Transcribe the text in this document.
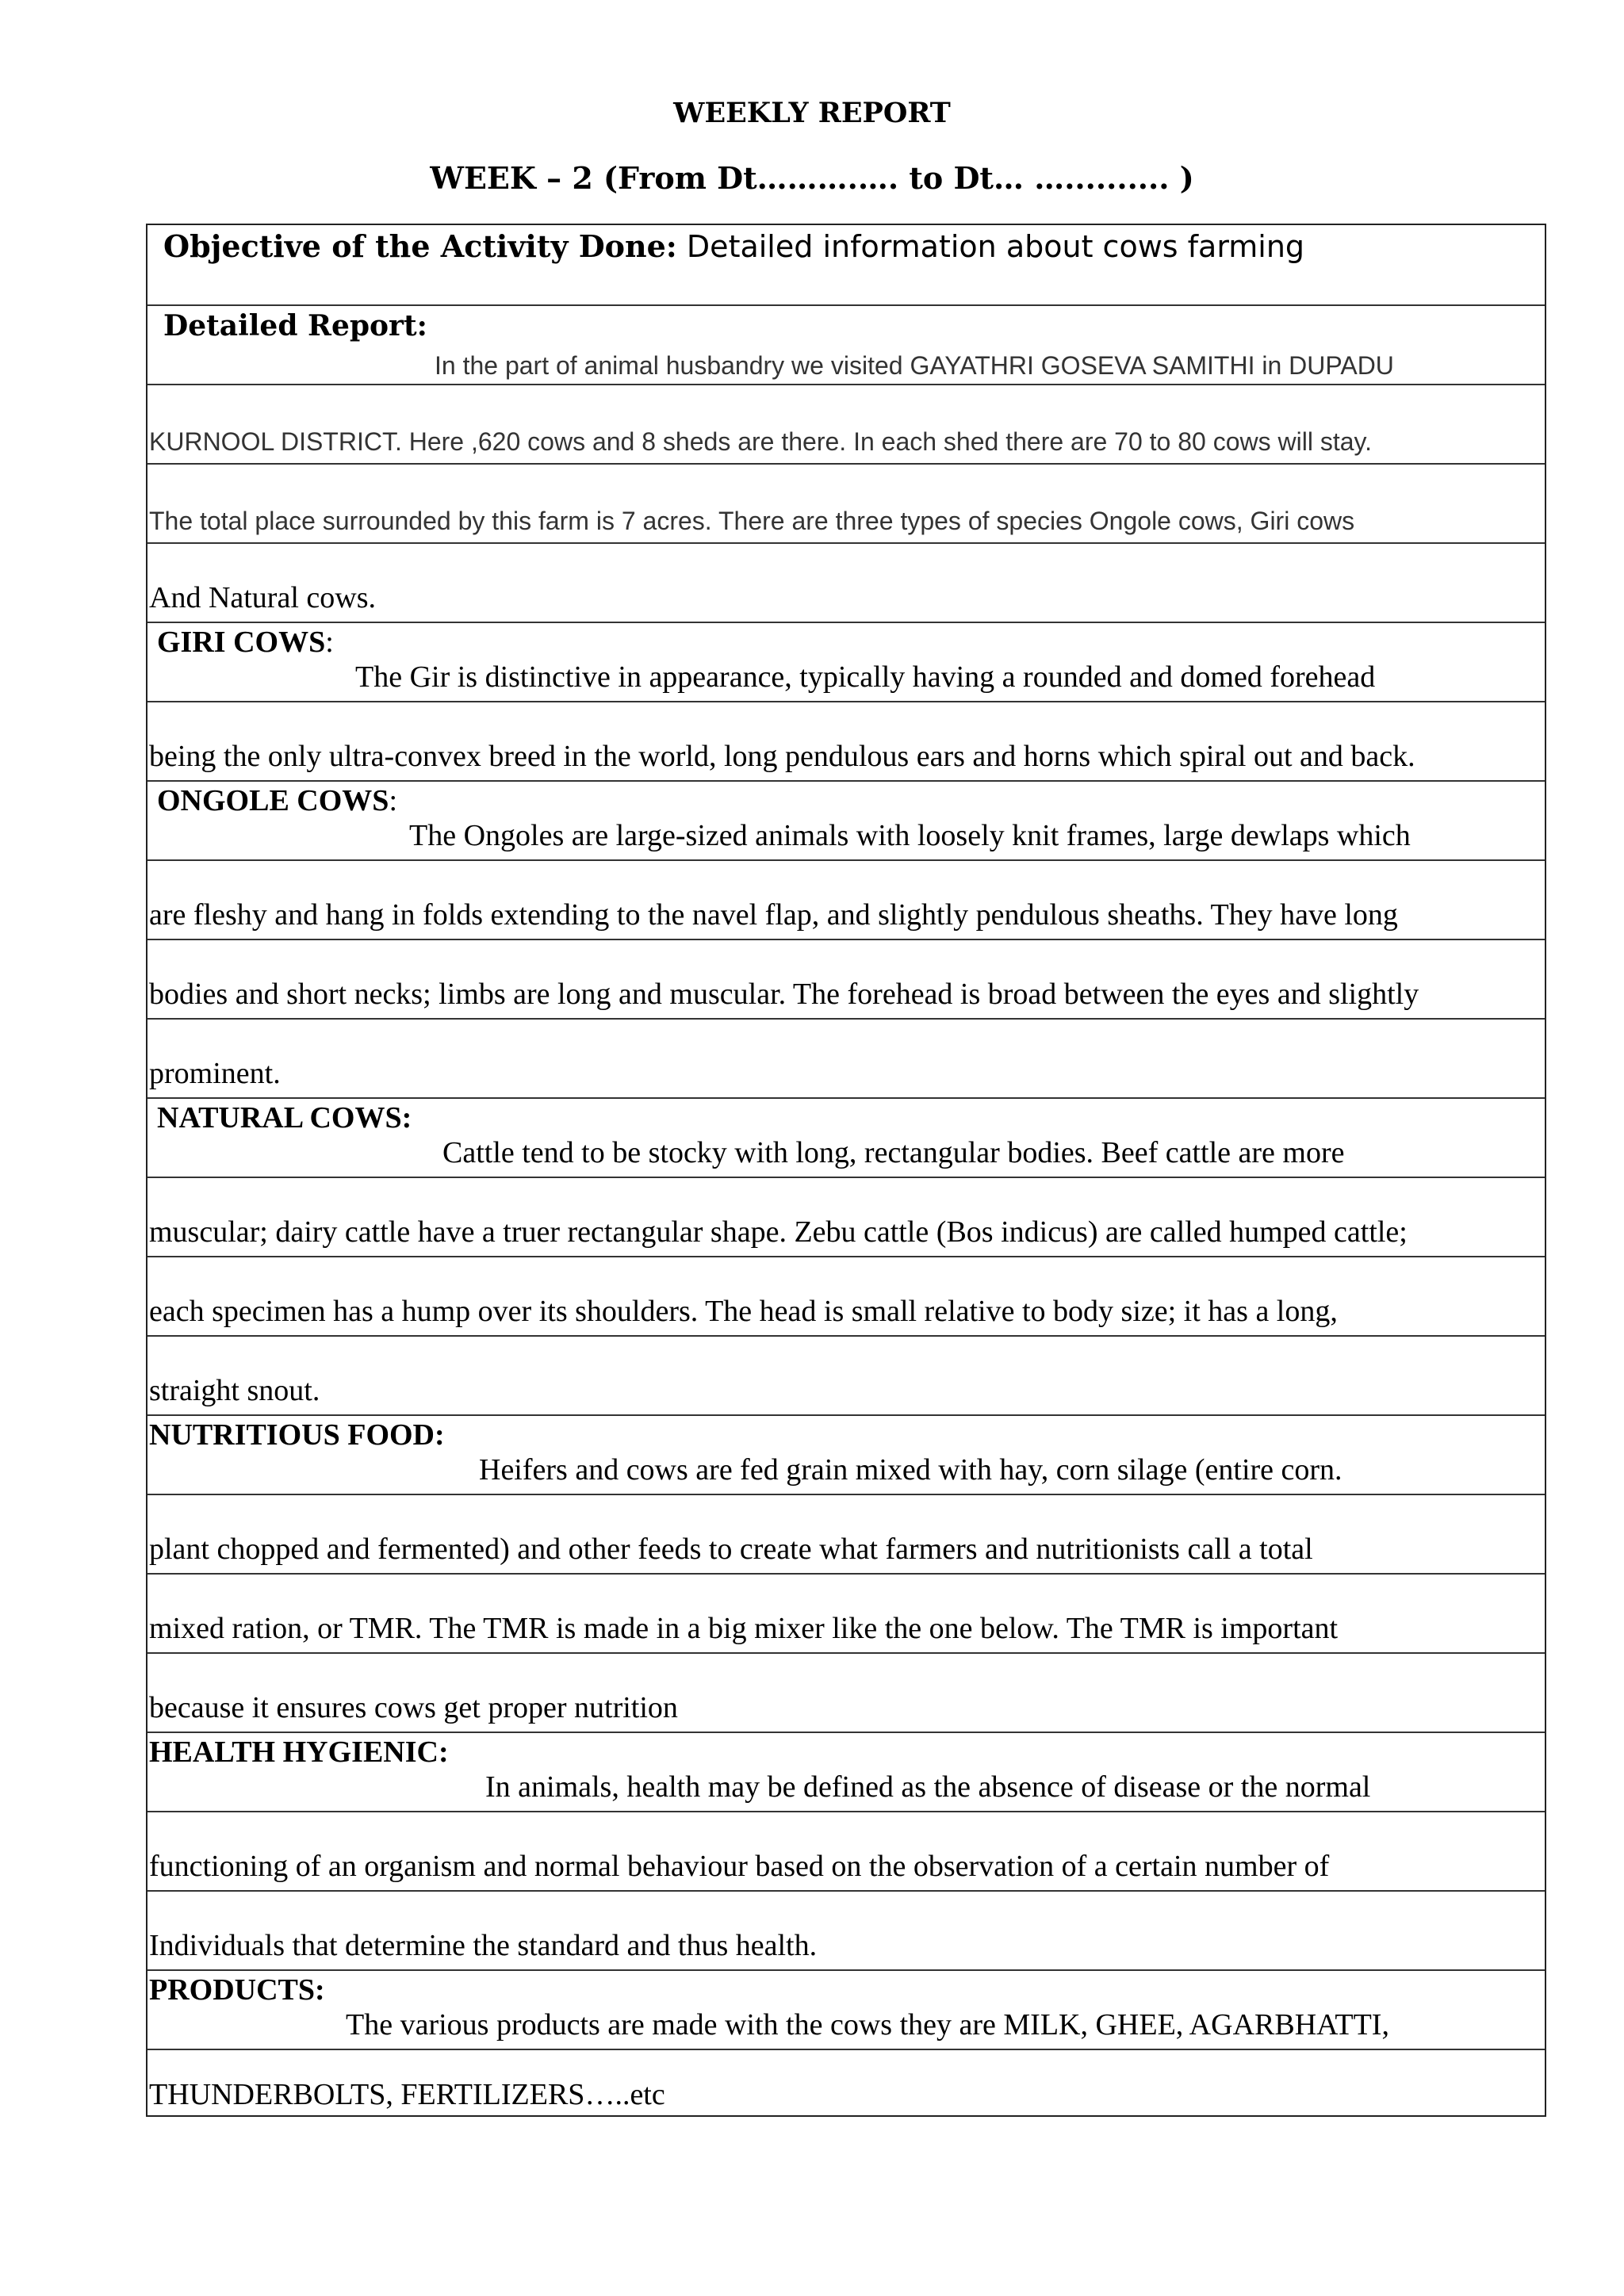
WEEKLY REPORT
WEEK – 2 (From Dt……….…. to Dt… ….......... )
Objective of the Activity Done: Detailed information about cows farming
Detailed Report:
In the part of animal husbandry we visited GAYATHRI GOSEVA SAMITHI in DUPADU
KURNOOL DISTRICT. Here ,620 cows and 8 sheds are there. In each shed there are 70 to 80 cows will stay.
The total place surrounded by this farm is 7 acres. There are three types of species Ongole cows, Giri cows
And Natural cows.
GIRI COWS:
The Gir is distinctive in appearance, typically having a rounded and domed forehead
being the only ultra-convex breed in the world, long pendulous ears and horns which spiral out and back.
ONGOLE COWS:
The Ongoles are large-sized animals with loosely knit frames, large dewlaps which
are fleshy and hang in folds extending to the navel flap, and slightly pendulous sheaths. They have long
bodies and short necks; limbs are long and muscular. The forehead is broad between the eyes and slightly
prominent.
NATURAL COWS:
Cattle tend to be stocky with long, rectangular bodies. Beef cattle are more
muscular; dairy cattle have a truer rectangular shape. Zebu cattle (Bos indicus) are called humped cattle;
each specimen has a hump over its shoulders. The head is small relative to body size; it has a long,
straight snout.
NUTRITIOUS FOOD:
Heifers and cows are fed grain mixed with hay, corn silage (entire corn.
plant chopped and fermented) and other feeds to create what farmers and nutritionists call a total
mixed ration, or TMR. The TMR is made in a big mixer like the one below. The TMR is important
because it ensures cows get proper nutrition
HEALTH HYGIENIC:
In animals, health may be defined as the absence of disease or the normal
functioning of an organism and normal behaviour based on the observation of a certain number of
Individuals that determine the standard and thus health.
PRODUCTS:
The various products are made with the cows they are MILK, GHEE, AGARBHATTI,
THUNDERBOLTS, FERTILIZERS…..etc
